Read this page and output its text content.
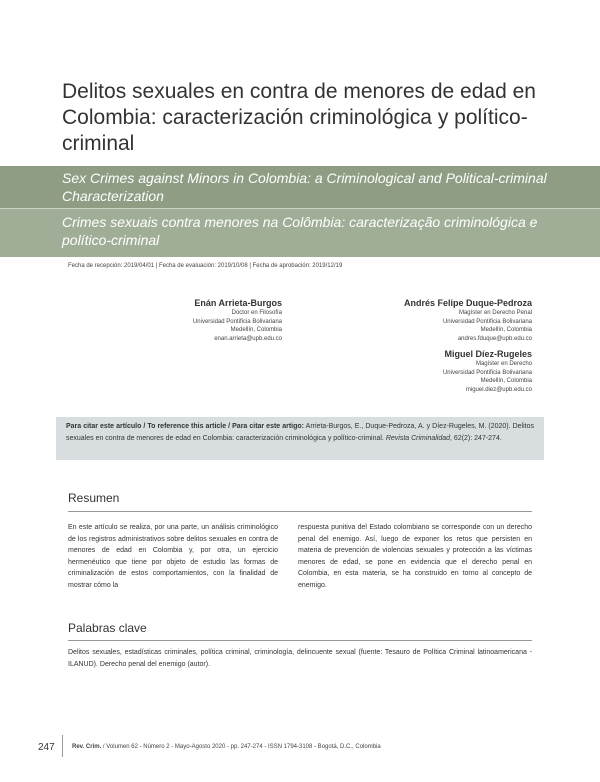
Delitos sexuales en contra de menores de edad en Colombia: caracterización criminológica y político-criminal
Sex Crimes against Minors in Colombia: a Criminological and Political-criminal Characterization
Crimes sexuais contra menores na Colômbia: caracterização criminológica e político-criminal
Fecha de recepción: 2019/04/01 | Fecha de evaluación: 2019/10/08 | Fecha de aprobación: 2019/12/19
Enán Arrieta-Burgos
Doctor en Filosofía
Universidad Pontificia Bolivariana
Medellín, Colombia
enan.arrieta@upb.edu.co
Andrés Felipe Duque-Pedroza
Magíster en Derecho Penal
Universidad Pontificia Bolivariana
Medellín, Colombia
andres.fduque@upb.edu.co
Miguel Díez-Rugeles
Magíster en Derecho
Universidad Pontificia Bolivariana
Medellín, Colombia
miguel.diez@upb.edu.co

Para citar este artículo / To reference this article / Para citar este artigo: Arrieta-Burgos, E., Duque-Pedroza, A. y Díez-Rugeles, M. (2020). Delitos sexuales en contra de menores de edad en Colombia: caracterización criminológica y político-criminal. Revista Criminalidad, 62(2): 247-274.

Resumen

En este artículo se realiza, por una parte, un análisis criminológico de los registros administrativos sobre delitos sexuales en contra de menores de edad en Colombia y, por otra, un ejercicio hermenéutico que tiene por objeto de estudio las formas de criminalización de estos comportamientos, con la finalidad de mostrar cómo la

respuesta punitiva del Estado colombiano se corresponde con un derecho penal del enemigo. Así, luego de exponer los retos que persisten en materia de prevención de violencias sexuales y protección a las víctimas menores de edad, se pone en evidencia que el derecho penal en Colombia, en esta materia, se ha construido en torno al concepto de enemigo.

Palabras clave

Delitos sexuales, estadísticas criminales, política criminal, criminología, delincuente sexual (fuente: Tesauro de Política Criminal latinoamericana - ILANUD). Derecho penal del enemigo (autor).

247	Rev. Crim. / Volumen 62 - Número 2 - Mayo-Agosto 2020 - pp. 247-274 - ISSN 1794-3108 - Bogotá, D.C., Colombia
